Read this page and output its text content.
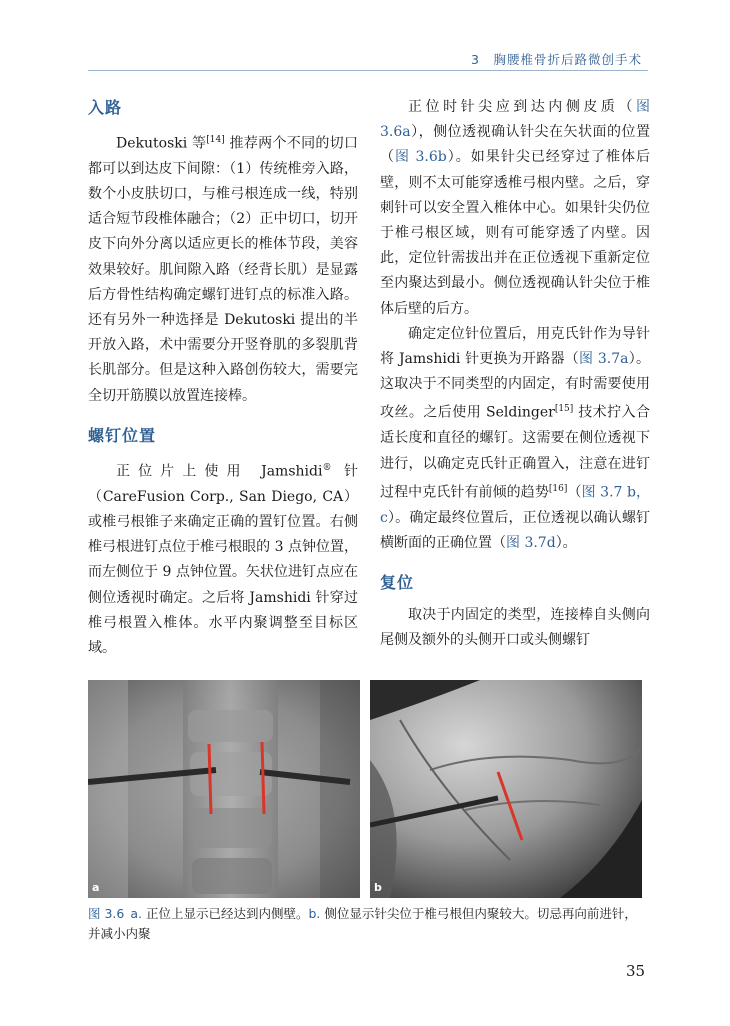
3　胸腰椎骨折后路微创手术
入路

Dekutoski 等[14] 推荐两个不同的切口都可以到达皮下间隙：（1）传统椎旁入路，数个小皮肤切口，与椎弓根连成一线，特别适合短节段椎体融合；（2）正中切口，切开皮下向外分离以适应更长的椎体节段，美容效果较好。肌间隙入路（经背长肌）是显露后方骨性结构确定螺钉进钉点的标准入路。还有另外一种选择是 Dekutoski 提出的半开放入路，术中需要分开竖脊肌的多裂肌背长肌部分。但是这种入路创伤较大，需要完全切开筋膜以放置连接棒。

螺钉位置

正位片上使用 Jamshidi® 针（CareFusion Corp., San Diego, CA）或椎弓根锥子来确定正确的置钉位置。右侧椎弓根进钉点位于椎弓根眼的 3 点钟位置，而左侧位于 9 点钟位置。矢状位进钉点应在侧位透视时确定。之后将 Jamshidi 针穿过椎弓根置入椎体。水平内聚调整至目标区域。

正位时针尖应到达内侧皮质（图 3.6a），侧位透视确认针尖在矢状面的位置（图 3.6b）。如果针尖已经穿过了椎体后壁，则不太可能穿透椎弓根内壁。之后，穿刺针可以安全置入椎体中心。如果针尖仍位于椎弓根区域，则有可能穿透了内壁。因此，定位针需拔出并在正位透视下重新定位至内聚达到最小。侧位透视确认针尖位于椎体后壁的后方。

确定定位针位置后，用克氏针作为导针将 Jamshidi 针更换为开路器（图 3.7a）。这取决于不同类型的内固定，有时需要使用攻丝。之后使用 Seldinger[15] 技术拧入合适长度和直径的螺钉。这需要在侧位透视下进行，以确定克氏针正确置入，注意在进钉过程中克氏针有前倾的趋势[16]（图 3.7 b，c）。确定最终位置后，正位透视以确认螺钉横断面的正确位置（图 3.7d）。

复位

取决于内固定的类型，连接棒自头侧向尾侧及额外的头侧开口或头侧螺钉

a	b
图 3.6 a. 正位上显示已经达到内侧壁。b. 侧位显示针尖位于椎弓根但内聚较大。切忌再向前进针，并减小内聚
35
